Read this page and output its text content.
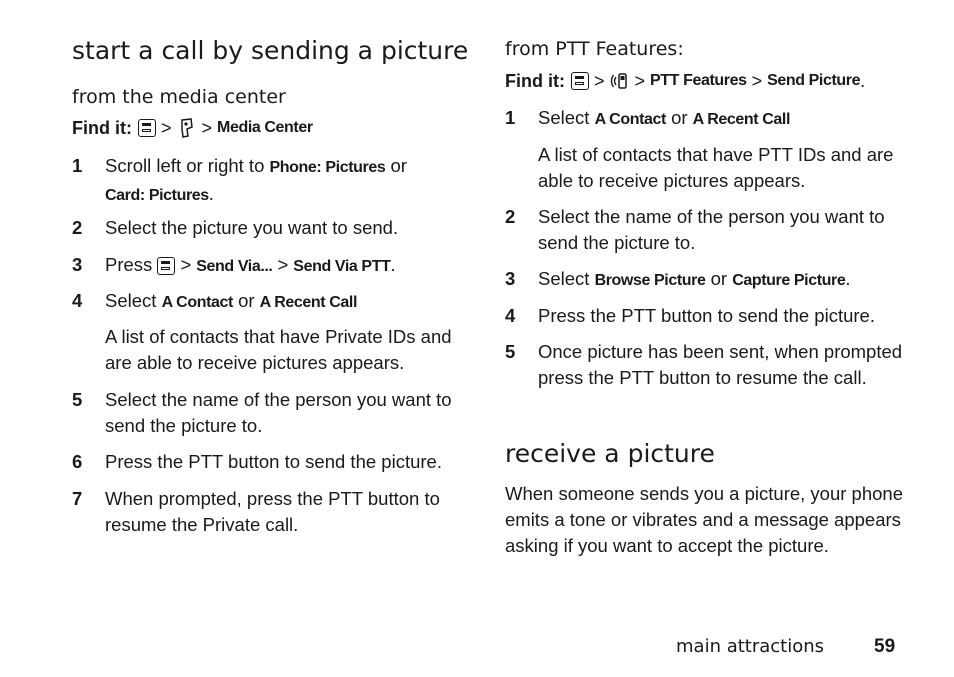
start a call by sending a picture
from the media center
Find it: > > Media Center
1 Scroll left or right to Phone: Pictures or
Card: Pictures.
2 Select the picture you want to send.
3 Press > Send Via... > Send Via PTT.
4 Select A Contact or A Recent Call
A list of contacts that have Private IDs and are able to receive pictures appears.
5 Select the name of the person you want to send the picture to.
6 Press the PTT button to send the picture.
7 When prompted, press the PTT button to resume the Private call.
from PTT Features:
Find it: > > PTT Features > Send Picture .
1 Select A Contact or A Recent Call
A list of contacts that have PTT IDs and are able to receive pictures appears.
2 Select the name of the person you want to send the picture to.
3 Select Browse Picture or Capture Picture.
4 Press the PTT button to send the picture.
5 Once picture has been sent, when prompted press the PTT button to resume the call.
receive a picture
When someone sends you a picture, your phone emits a tone or vibrates and a message appears asking if you want to accept the picture.
main attractions	59
